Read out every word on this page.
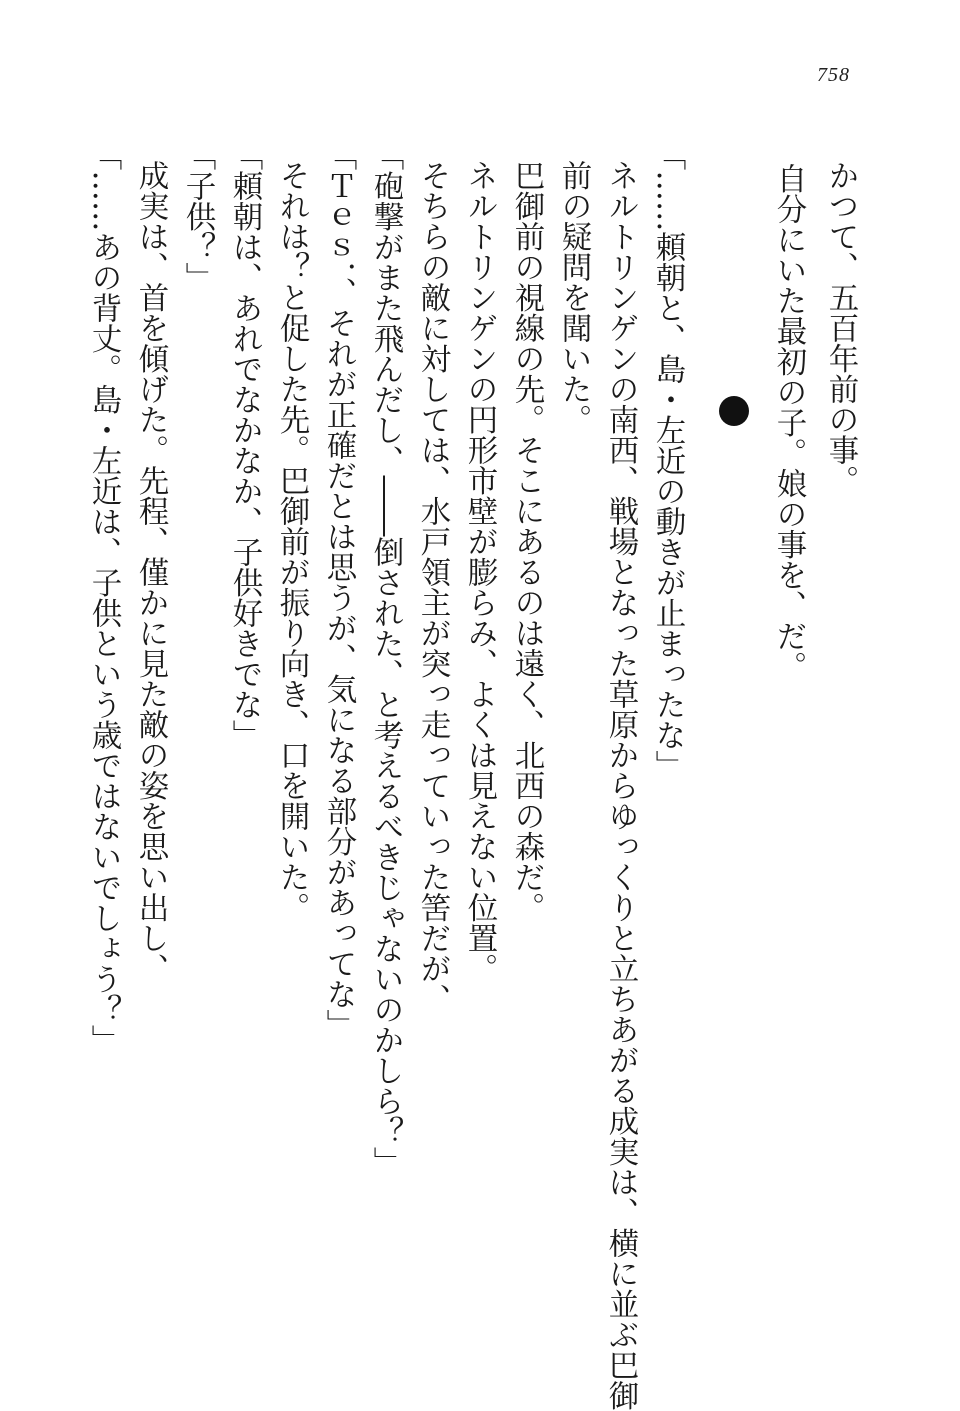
758
かつて、五百年前の事。
自分にいた最初の子。娘の事を、だ。
「……頼朝と、島・左近の動きが止まったな」
ネルトリンゲンの南西、戦場となった草原からゆっくりと立ちあがる成実は、横に並ぶ巴御
前の疑問を聞いた。
巴御前の視線の先。そこにあるのは遠く、北西の森だ。
ネルトリンゲンの円形市壁が膨らみ、よくは見えない位置。
そちらの敵に対しては、水戸領主が突っ走っていった筈だが、
「砲撃がまた飛んだし、――倒された、と考えるべきじゃないのかしら？」
「Ｔｅｓ．、それが正確だとは思うが、気になる部分があってな」
それは？と促した先。巴御前が振り向き、口を開いた。
「頼朝は、あれでなかなか、子供好きでな」
「子供？」
成実は、首を傾げた。先程、僅かに見た敵の姿を思い出し、
「……あの背丈。島・左近は、子供という歳ではないでしょう？」
